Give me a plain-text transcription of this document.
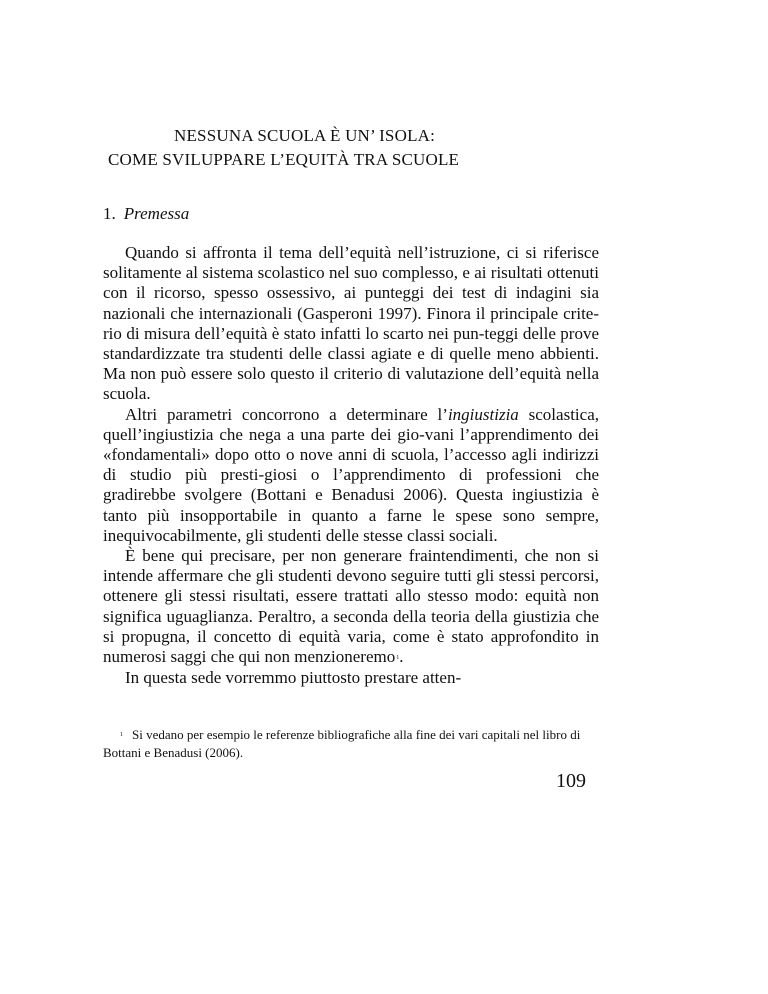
NESSUNA SCUOLA È UN’ ISOLA:
COME SVILUPPARE L’EQUITÀ TRA SCUOLE
1. Premessa

Quando si affronta il tema dell’equità nell’istruzione, ci si riferisce solitamente al sistema scolastico nel suo complesso, e ai risultati ottenuti con il ricorso, spesso ossessivo, ai punteggi dei test di indagini sia nazionali che internazionali (Gasperoni 1997). Finora il principale crite-rio di misura dell’equità è stato infatti lo scarto nei pun-teggi delle prove standardizzate tra studenti delle classi agiate e di quelle meno abbienti. Ma non può essere solo questo il criterio di valutazione dell’equità nella scuola.

Altri parametri concorrono a determinare l’ingiustizia scolastica, quell’ingiustizia che nega a una parte dei gio-vani l’apprendimento dei «fondamentali» dopo otto o nove anni di scuola, l’accesso agli indirizzi di studio più presti-giosi o l’apprendimento di professioni che gradirebbe svolgere (Bottani e Benadusi 2006). Questa ingiustizia è tanto più insopportabile in quanto a farne le spese sono sempre, inequivocabilmente, gli studenti delle stesse classi sociali.

È bene qui precisare, per non generare fraintendimenti, che non si intende affermare che gli studenti devono seguire tutti gli stessi percorsi, ottenere gli stessi risultati, essere trattati allo stesso modo: equità non significa uguaglianza. Peraltro, a seconda della teoria della giustizia che si propugna, il concetto di equità varia, come è stato approfondito in numerosi saggi che qui non menzioneremo1.

In questa sede vorremmo piuttosto prestare atten-

$^1$ Si vedano per esempio le referenze bibliografiche alla fine dei vari capitali nel libro di Bottani e Benadusi (2006).

109
